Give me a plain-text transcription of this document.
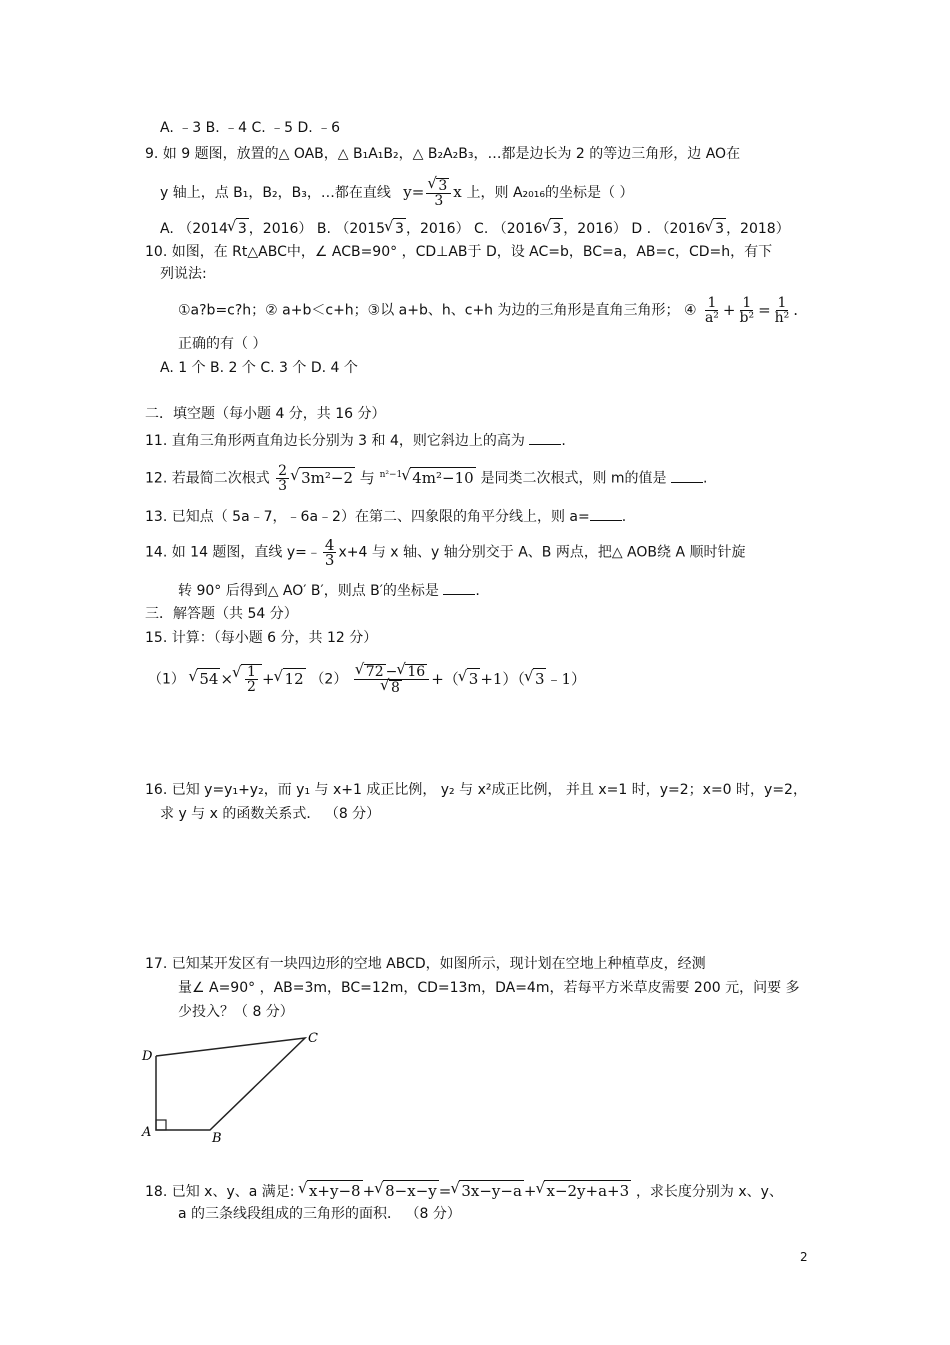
A. ﹣3 B. ﹣4 C. ﹣5 D. ﹣6
9. 如 9 题图，放置的△ OAB，△ B₁A₁B₂，△ B₂A₂B₃，…都是边长为 2 的等边三角形，边 AO在
y 轴上，点 B₁，B₂，B₃，…都在直线 y= √ $\frac{3}{3}$ x 上，则 A₂₀₁₆的坐标是（ ）
A. （2014 √ 3 ，2016） B. （2015 √ 3 ，2016） C. （2016 √ 3 ，2016） D . （2016 √ 3 ，2018）
10. 如图，在 Rt△ABC中，∠ ACB=90° ，CD⊥AB于 D，设 AC=b，BC=a，AB=c，CD=h，有下
列说法:
①a?b=c?h；② a+b＜c+h；③以 a+b、h、c+h 为边的三角形是直角三角形； ④ $\frac{1}{\text{a²}} + \frac{1}{\text{b²}} = \frac{1}{\text{h²}}$ .
正确的有（ ）
A. 1 个 B. 2 个 C. 3 个 D. 4 个
二．填空题（每小题 4 分，共 16 分）
11. 直角三角形两直角边长分别为 3 和 4，则它斜边上的高为	.
12. 若最简二次根式 $\frac{2}{3}$ √ 3m²−2 与 $^{n^2-1}$ √ 4m²−10 是同类二次根式，则 m的值是	.
13. 已知点（ 5a﹣7，﹣6a﹣2）在第二、四象限的角平分线上，则 a= .
14. 如 14 题图，直线 y=﹣ $\frac{4}{3} x+4$ 与 x 轴、y 轴分别交于 A、B 两点，把△ AOB绕 A 顺时针旋
转 90° 后得到△ AO′ B′，则点 B′的坐标是	.
三．解答题（共 54 分）
15. 计算：（每小题 6 分，共 12 分）
（1） √ 54 × √ $\frac{1}{2}$ + √ 12 （2） √ 72 − √ 16
√ 8 +（ √ 3 +1）（ √ 3 ﹣1）
16. 已知 y=y₁+y₂，而 y₁ 与 x+1 成正比例， y₂ 与 x²成正比例， 并且 x=1 时，y=2；x=0 时，y=2，
求 y 与 x 的函数关系式． （8 分）
17. 已知某开发区有一块四边形的空地 ABCD，如图所示，现计划在空地上种植草皮，经测
量∠ A=90° ，AB=3m，BC=12m，CD=13m，DA=4m，若每平方米草皮需要 200 元，问要 多
少投入？（ 8 分）
A	B
C
D
18. 已知 x、y、a 满足: √ x+y−8 + √ 8−x−y = √ 3x−y−a + √ x−2y+a+3 ，求长度分别为 x、y、
a 的三条线段组成的三角形的面积． （8 分）
2
